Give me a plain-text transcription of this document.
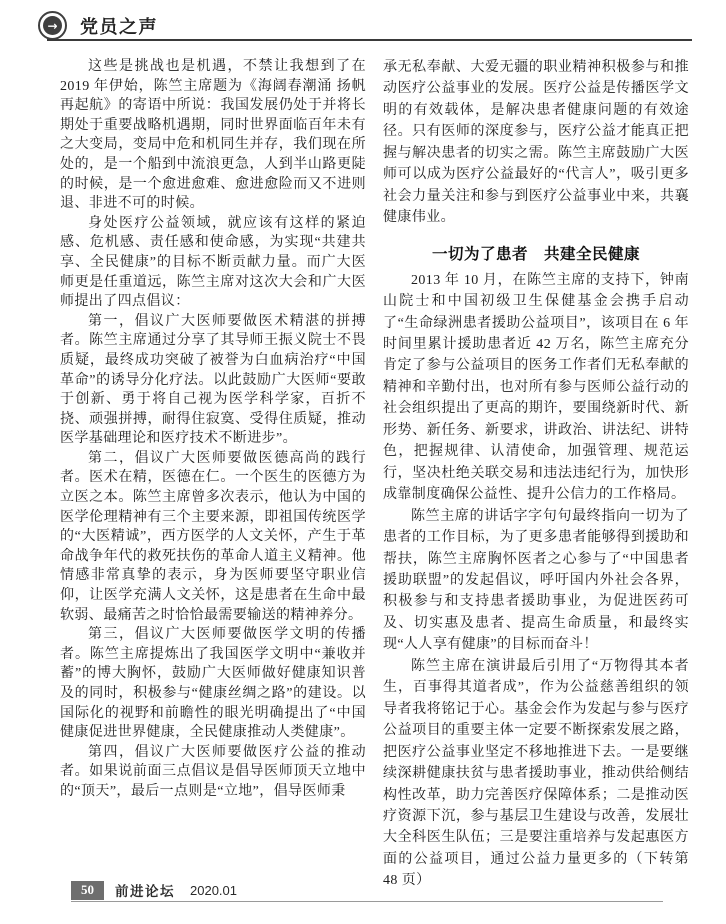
→ 党员之声

这些是挑战也是机遇，不禁让我想到了在 2019 年伊始，陈竺主席题为《海阔春潮涌 扬帆再起航》的寄语中所说：我国发展仍处于并将长期处于重要战略机遇期，同时世界面临百年未有之大变局，变局中危和机同生并存，我们现在所处的，是一个船到中流浪更急，人到半山路更陡的时候，是一个愈进愈难、愈进愈险而又不进则退、非进不可的时候。

身处医疗公益领域，就应该有这样的紧迫感、危机感、责任感和使命感，为实现“共建共享、全民健康”的目标不断贡献力量。而广大医师更是任重道远，陈竺主席对这次大会和广大医师提出了四点倡议：

第一，倡议广大医师要做医术精湛的拼搏者。陈竺主席通过分享了其导师王振义院士不畏质疑，最终成功突破了被誉为白血病治疗“中国革命”的诱导分化疗法。以此鼓励广大医师“要敢于创新、勇于将自己视为医学科学家，百折不挠、顽强拼搏，耐得住寂寞、受得住质疑，推动医学基础理论和医疗技术不断进步”。

第二，倡议广大医师要做医德高尚的践行者。医术在精，医德在仁。一个医生的医德方为立医之本。陈竺主席曾多次表示，他认为中国的医学伦理精神有三个主要来源，即祖国传统医学的“大医精诚”，西方医学的人文关怀，产生于革命战争年代的救死扶伤的革命人道主义精神。他情感非常真挚的表示，身为医师要坚守职业信仰，让医学充满人文关怀，这是患者在生命中最软弱、最痛苦之时恰恰最需要输送的精神养分。

第三，倡议广大医师要做医学文明的传播者。陈竺主席提炼出了我国医学文明中“兼收并蓄”的博大胸怀，鼓励广大医师做好健康知识普及的同时，积极参与“健康丝绸之路”的建设。以国际化的视野和前瞻性的眼光明确提出了“中国健康促进世界健康，全民健康推动人类健康”。

第四，倡议广大医师要做医疗公益的推动者。如果说前面三点倡议是倡导医师顶天立地中的“顶天”，最后一点则是“立地”，倡导医师秉

承无私奉献、大爱无疆的职业精神积极参与和推动医疗公益事业的发展。医疗公益是传播医学文明的有效载体，是解决患者健康问题的有效途径。只有医师的深度参与，医疗公益才能真正把握与解决患者的切实之需。陈竺主席鼓励广大医师可以成为医疗公益最好的“代言人”，吸引更多社会力量关注和参与到医疗公益事业中来，共襄健康伟业。

一切为了患者　共建全民健康

2013 年 10 月，在陈竺主席的支持下，钟南山院士和中国初级卫生保健基金会携手启动了“生命绿洲患者援助公益项目”，该项目在 6 年时间里累计援助患者近 42 万名，陈竺主席充分肯定了参与公益项目的医务工作者们无私奉献的精神和辛勤付出，也对所有参与医师公益行动的社会组织提出了更高的期许，要围绕新时代、新形势、新任务、新要求，讲政治、讲法纪、讲特色，把握规律、认清使命，加强管理、规范运行，坚决杜绝关联交易和违法违纪行为，加快形成靠制度确保公益性、提升公信力的工作格局。

陈竺主席的讲话字字句句最终指向一切为了患者的工作目标，为了更多患者能够得到援助和帮扶，陈竺主席胸怀医者之心参与了“中国患者援助联盟”的发起倡议，呼吁国内外社会各界，积极参与和支持患者援助事业，为促进医药可及、切实惠及患者、提高生命质量，和最终实现“人人享有健康”的目标而奋斗！

陈竺主席在演讲最后引用了“万物得其本者生，百事得其道者成”，作为公益慈善组织的领导者我将铭记于心。基金会作为发起与参与医疗公益项目的重要主体一定要不断探索发展之路，把医疗公益事业坚定不移地推进下去。一是要继续深耕健康扶贫与患者援助事业，推动供给侧结构性改革，助力完善医疗保障体系；二是推动医疗资源下沉，参与基层卫生建设与改善，发展壮大全科医生队伍；三是要注重培养与发起惠医方面的公益项目，通过公益力量更多的（下转第 48 页）

50	前进论坛 2020.01
